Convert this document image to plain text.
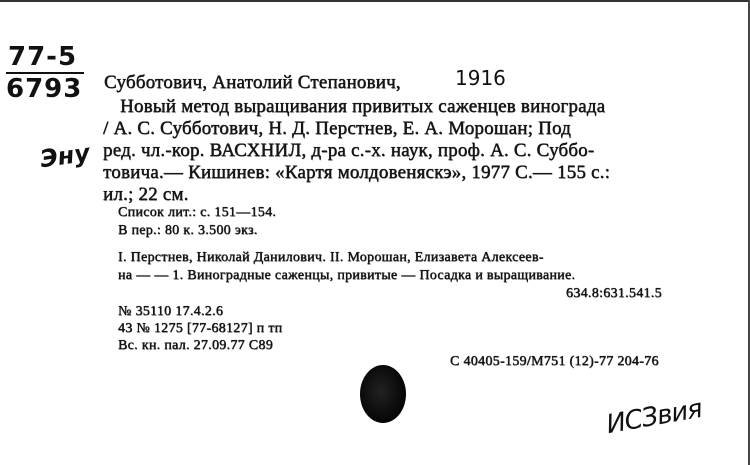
77-5
6793
Эну
Субботович, Анатолий Степанович,	1916
Новый метод выращивания привитых саженцев винограда
/ А. С. Субботович, Н. Д. Перстнев, Е. А. Морошан; Под
ред. чл.-кор. ВАСХНИЛ, д-ра с.-х. наук, проф. А. С. Суббо-
товича.— Кишинев: «Картя молдовеняскэ», 1977 С.— 155 с.:
ил.; 22 см.
Список лит.: с. 151—154.
В пер.: 80 к. 3.500 экз.
I. Перстнев, Николай Данилович. II. Морошан, Елизавета Алексеев-
на — — 1. Виноградные саженцы, привитые — Посадка и выращивание.
634.8:631.541.5
№ 35110 17.4.2.6
43 № 1275 [77-68127] п тп
Вс. кн. пал. 27.09.77 С89
С 40405-159/М751 (12)-77 204-76
ИСЗвия
